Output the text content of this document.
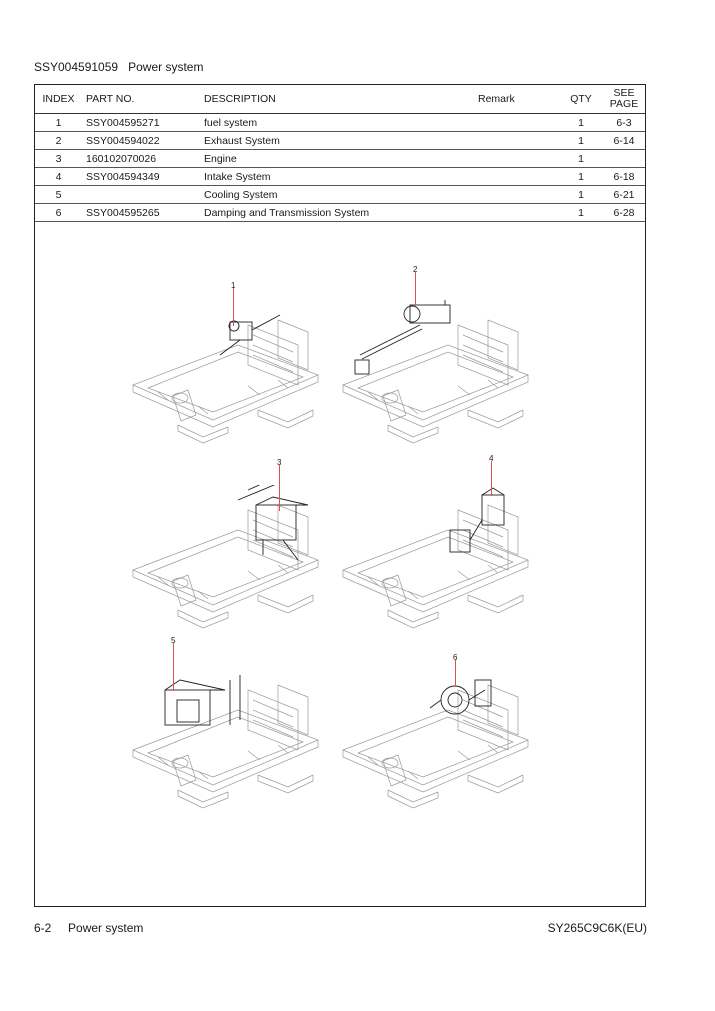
SSY004591059 Power system
INDEX	PART NO.	DESCRIPTION	Remark	QTY	SEE
PAGE

1	SSY004595271	fuel system		1	6-3
2	SSY004594022	Exhaust System		1	6-14
3	160102070026	Engine		1	
4	SSY004594349	Intake System		1	6-18
5		Cooling System		1	6-21
6	SSY004595265	Damping and Transmission System		1	6-28
1
2
3	4
5
6
6-2 Power system	SY265C9C6K(EU)
